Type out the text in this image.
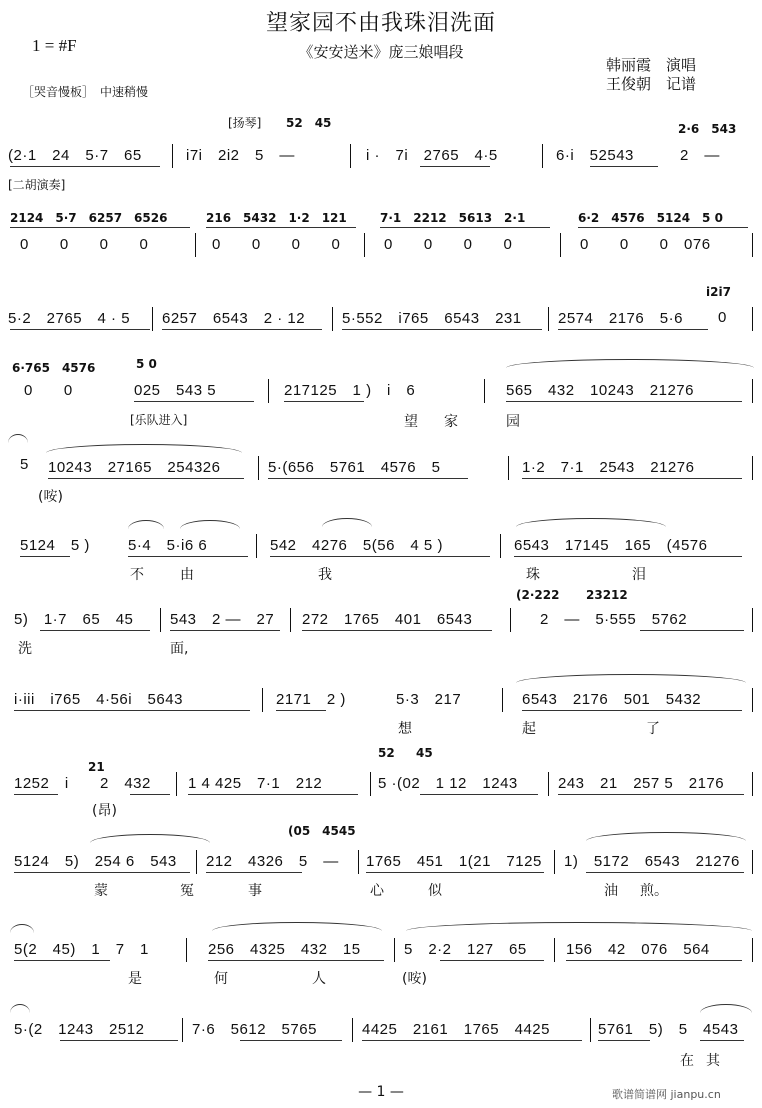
望家园不由我珠泪洗面
《安安送米》庞三娘唱段
1 = #F
韩丽霞　演唱
王俊朝　记谱
［哭音慢板］　中速稍慢
[扬琴] 52　45	2·6　543
(2·1　24　5·7　65	i7i　2i2　5　—	i ·　7i　2765　4·5	6·i　52543	2　—
[二胡演奏]
2124　5·7　6257　6526	216　5432　1·2　121	7·1　2212　5613　2·1	6·2　4576　5124　5 0
0　　0　　0　　0	0　　0　　0　　0	0　　0　　0　　0	0　　0　　0　076
i2i7
5·2　2765　4 · 5 6257　6543　2 · 12 5·552　i765　6543　231 2574　2176　5·6 0
6·765　4576	5 0
0　　0	025　543 5	217125　1 )　i　6	565　432　10243　21276
[乐队进入]	望 家	园
5 10243　27165　254326	5·(656　5761　4576　5	1·2　7·1　2543　21276
(咹)
5124　5 )	5·4　5·i6 6	542　4276　5(56　4 5 )	6543　17145　165　(4576
不	由	我	珠	泪
(2·222 23212
5)　1·7　65　45 543　2 —　27 272　1765　401　6543	2　—　5·555　5762
洗	面,
i·iii　i765　4·56i　5643	2171　2 )	5·3　217	6543　2176　501　5432
想	起	了
21
52 45
1252　i 2　432 1 4 425　7·1　212	5 ·(02　1 12　1243	243　21　257 5　2176
(昂)
(05　4545
5124　5)　254 6　543 212　4326　5　— 1765　451　1(21　7125 1)　5172　6543　21276
蒙	冤	事	心	似	油 煎。
5(2　45)　1　7　1	256　4325　432　15	5　2·2　127　65	156　42　076　564
是	何	人	(咹)
5·(2　1243　2512	7·6　5612　5765	4425　2161　1765　4425	5761　5)　5　4543
在 其
— 1 —	歌谱简谱网 jianpu.cn
